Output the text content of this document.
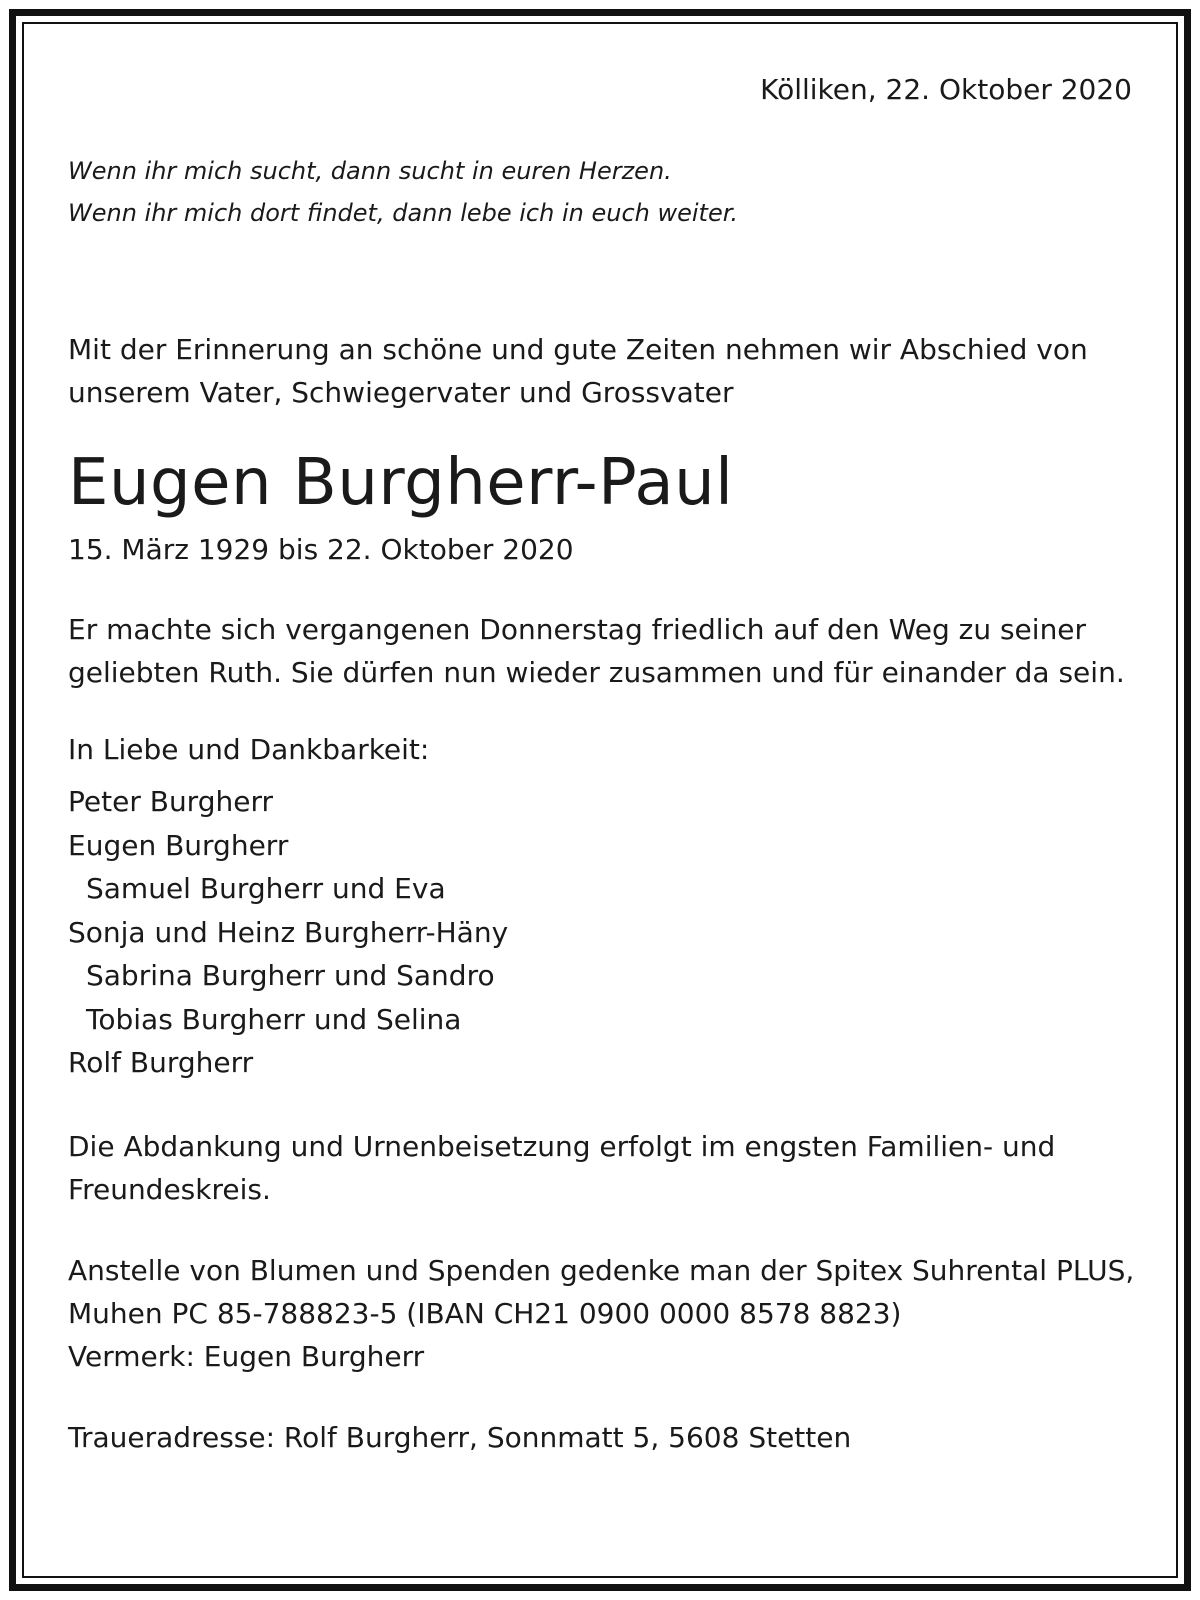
Kölliken, 22. Oktober 2020

Wenn ihr mich sucht, dann sucht in euren Herzen.
Wenn ihr mich dort findet, dann lebe ich in euch weiter.
Mit der Erinnerung an schöne und gute Zeiten nehmen wir Abschied von unserem Vater, Schwiegervater und Grossvater
Eugen Burgherr-Paul
15. März 1929 bis 22. Oktober 2020
Er machte sich vergangenen Donnerstag friedlich auf den Weg zu seiner geliebten Ruth. Sie dürfen nun wieder zusammen und für einander da sein.
In Liebe und Dankbarkeit:
Peter Burgherr
Eugen Burgherr
Samuel Burgherr und Eva
Sonja und Heinz Burgherr-Häny
Sabrina Burgherr und Sandro
Tobias Burgherr und Selina
Rolf Burgherr
Die Abdankung und Urnenbeisetzung erfolgt im engsten Familien- und Freundeskreis.
Anstelle von Blumen und Spenden gedenke man der Spitex Suhrental PLUS,
Muhen PC 85-788823-5 (IBAN CH21 0900 0000 8578 8823)
Vermerk: Eugen Burgherr
Traueradresse: Rolf Burgherr, Sonnmatt 5, 5608 Stetten
